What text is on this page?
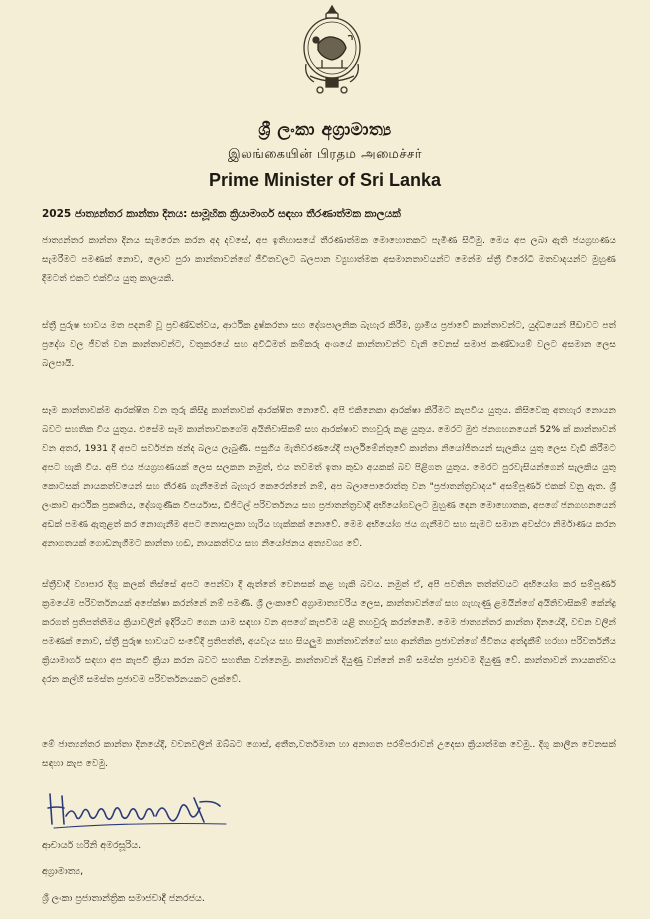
ශ්‍රී ලංකා අග්‍රාමාත්‍ය
இலங்கையின் பிரதம அமைச்சர்
Prime Minister of Sri Lanka
2025 ජාත්‍යන්තර කාන්තා දිනය: සාමූහික ක්‍රියාමාර්ග සඳහා තීරණාත්මක කාලයක්
ජාත්‍යන්තර කාන්තා දිනය සැමරෙන කරන අද දවසේ, අප ඉතිහාසයේ තීරණාත්මක මොහොතකට පැමිණ සිටිමු. මෙය අප ලබා ඇති ජයග්‍රහණය සැමරීමට පමණක් නොව, ලොව පුරා කාන්තාවන්ගේ ජීවිතවලට බලපාන ව්‍යුහාත්මක අසමානතාවයන්ට මෙන්ම ස්ත්‍රී විරෝධී මතවාදයන්ට මුහුණ දීමටත් එකට එක්විය යුතු කාලයකි.
ස්ත්‍රී පුරුෂ භාවය මත පදනම් වූ ප්‍රචණ්ඩත්වය, ආර්ථික දුෂ්කරතා සහ දේශපාලනික බැහැර කිරීම, ග්‍රාමීය ප්‍රජාවේ කාන්තාවන්ට, යුද්ධයෙන් පීඩාවට පත් ප්‍රදේශ වල ජීවත් වන කාන්තාවන්ට, වතුකරයේ සහ අවිධිමත් කම්කරු අංශයේ කාන්තාවන්ට වැනි වෙනස් සමාජ කණ්ඩායම් වලට අසමාන ලෙස බලපායි.
සෑම කාන්තාවක්ම ආරක්ෂිත වන තුරු කිසිදු කාන්තාවක් ආරක්ෂිත නොවේ. අපි එකිනෙකා ආරක්ෂා කිරීමට කැපවිය යුතුය. කිසිවෙකු අතහැර නොයන බවට සහතික විය යුතුය. එසේම සෑම කාන්තාවකගේම අයිතිවාසිකම් සහ ආරක්ෂාව තහවුරු කළ යුතුය. මෙරට මුළු ජනගහනයෙන් 52% ක් කාන්තාවන් වන අතර, 1931 දී අපට සර්වජන ඡන්ද බලය ලැබුණි. පසුගිය මැතිවරණයේදී පාර්ලිමේන්තුවේ කාන්තා නියෝජිතයන් සැලකිය යුතු ලෙස වැඩි කිරීමට අපට හැකි විය. අපි එය ජයග්‍රහණයක් ලෙස සලකන නමුත්, එය තවමත් ඉතා කුඩා අයකක් බව පිළිගත යුතුය. මෙරට පුරවැසියන්ගෙන් සැලකිය යුතු කොටසක් නායකත්වයෙන් සහ තීරණ ගැනීමෙන් බැහැර කෙරෙන්නේ නම්, අප බලාපොරොත්තු වන "ප්‍රජාතන්ත්‍රවාදය" අසම්පූර්ණ එකක් වනු ඇත. ශ්‍රී ලංකාව ආර්ථික ප්‍රකෘතිය, දේශගුණික විපර්යාස, ඩිජිටල් පරිවර්තනය සහ ප්‍රජාතන්ත්‍රවාදී අභියෝගවලට මුහුණ දෙන මොහොතක, අපගේ ජනගහනයෙන් අඩක් පමණ ඇතුළත් කර නොගැනීම අපට නොසලකා හැරිය හැක්කක් නොවේ. මෙම අභියෝග ජය ගැනීමට සහ සැමට සමාන අවස්ථා නිර්මාණය කරන අනාගතයක් ගොඩනැගීමට කාන්තා හඬ, නායකත්වය සහ නියෝජනය අත්‍යවශ්‍ය වේ.
ස්ත්‍රීවාදී ව්‍යාපාර දිගු කලක් තිස්සේ අපට පෙන්වා දී ඇත්තේ වෙනසක් කළ හැකි බවය. නමුත් ඒ, අපි පවතින තත්ත්වයට අභියෝග කර සම්පූර්ණ ක්‍රමයේම පරිවර්තනයක් අපේක්ෂා කරන්නේ නම් පමණි. ශ්‍රී ලංකාවේ අග්‍රාමාත්‍යවරිය ලෙස, කාන්තාවන්ගේ සහ ගැහැණු ළමයින්ගේ අයිතිවාසිකම් කේන්ද්‍ර කරගත් ප්‍රතිපත්තිමය ක්‍රියාවලින් ඉදිරියට ගෙන යාම සඳහා වන අපගේ කැපවීම යළි තහවුරු කරන්නෙමි. මෙම ජාත්‍යන්තර කාන්තා දිනයේදී, වචන වලින් පමණක් නොව, ස්ත්‍රී පුරුෂ භාවයට සංවේදී ප්‍රතිපත්ති, අයවැය සහ සියලුම කාන්තාවන්ගේ සහ ආන්තික ප්‍රජාවන්ගේ ජීවිතය අත්දැකීම් හරහා පරිවර්තනීය ක්‍රියාමාර්ග සඳහා අප කැපවී ක්‍රියා කරන බවට සහතික වන්නෙමු. කාන්තාවන් දියුණු වන්නේ නම් සමස්ත ප්‍රජාවම දියුණු වේ. කාන්තාවන් නායකත්වය දරන කල්හි සමස්ත ප්‍රජාවම පරිවර්තනයකට ලක්වේ.
මේ ජාත්‍යන්තර කාන්තා දිනයේදී, වචනවලින් ඔබ්බට ගොස්, අතීත,වර්තමාන හා අනාගත පරම්පරාවන් උදෙසා ක්‍රියාත්මක වෙමු.. දිගු කාලීන වෙනසක් සඳහා කැප වෙමු.
ආචාර්ය හරිනි අමරසූරිය.
අග්‍රාමාත්‍ය,
ශ්‍රී ලංකා ප්‍රජාතාන්ත්‍රික සමාජවාදී ජනරජය.
